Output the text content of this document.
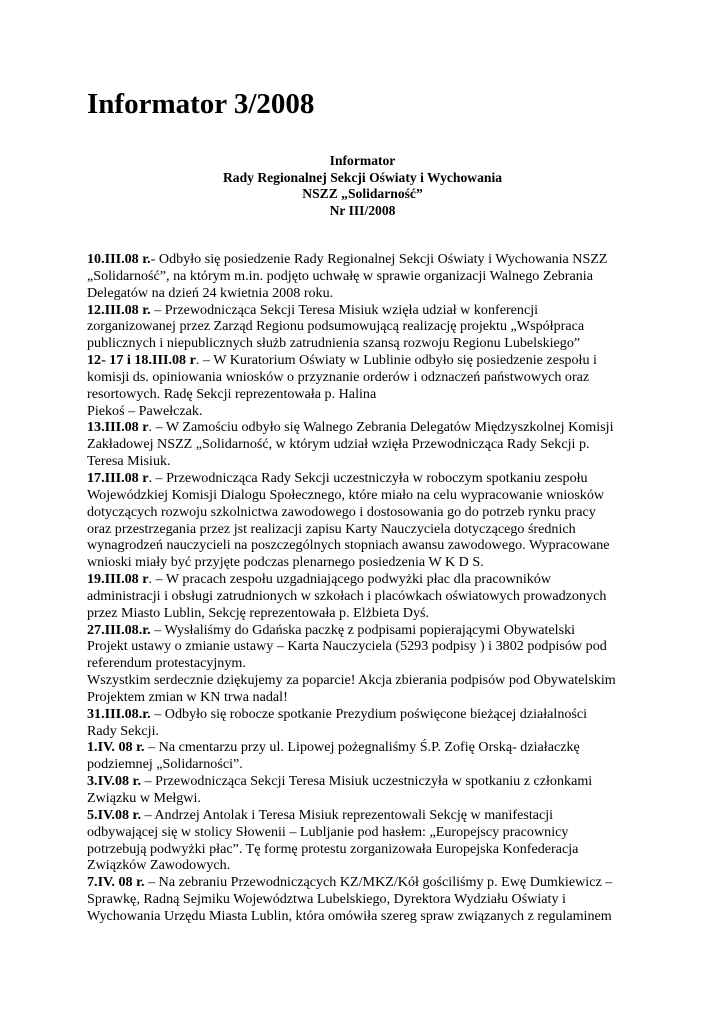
Informator 3/2008
Informator
Rady Regionalnej Sekcji Oświaty i Wychowania
NSZZ „Solidarność”
Nr III/2008
10.III.08 r.- Odbyło się posiedzenie Rady Regionalnej Sekcji Oświaty i Wychowania NSZZ
„Solidarność”, na którym m.in. podjęto uchwałę w sprawie organizacji Walnego Zebrania
Delegatów na dzień 24 kwietnia 2008 roku.
12.III.08 r. – Przewodnicząca Sekcji Teresa Misiuk wzięła udział w konferencji
zorganizowanej przez Zarząd Regionu podsumowującą realizację projektu „Współpraca
publicznych i niepublicznych służb zatrudnienia szansą rozwoju Regionu Lubelskiego”
12- 17 i 18.III.08 r. – W Kuratorium Oświaty w Lublinie odbyło się posiedzenie zespołu i
komisji ds. opiniowania wniosków o przyznanie orderów i odznaczeń państwowych oraz
resortowych. Radę Sekcji reprezentowała p. Halina
Piekoś – Pawełczak.
13.III.08 r. – W Zamościu odbyło się Walnego Zebrania Delegatów Międzyszkolnej Komisji
Zakładowej NSZZ „Solidarność, w którym udział wzięła Przewodnicząca Rady Sekcji p.
Teresa Misiuk.
17.III.08 r. – Przewodnicząca Rady Sekcji uczestniczyła w roboczym spotkaniu zespołu
Wojewódzkiej Komisji Dialogu Społecznego, które miało na celu wypracowanie wniosków
dotyczących rozwoju szkolnictwa zawodowego i dostosowania go do potrzeb rynku pracy
oraz przestrzegania przez jst realizacji zapisu Karty Nauczyciela dotyczącego średnich
wynagrodzeń nauczycieli na poszczególnych stopniach awansu zawodowego. Wypracowane
wnioski miały być przyjęte podczas plenarnego posiedzenia W K D S.
19.III.08 r. – W pracach zespołu uzgadniającego podwyżki płac dla pracowników
administracji i obsługi zatrudnionych w szkołach i placówkach oświatowych prowadzonych
przez Miasto Lublin, Sekcję reprezentowała p. Elżbieta Dyś.
27.III.08.r. – Wysłaliśmy do Gdańska paczkę z podpisami popierającymi Obywatelski
Projekt ustawy o zmianie ustawy – Karta Nauczyciela (5293 podpisy ) i 3802 podpisów pod
referendum protestacyjnym.
Wszystkim serdecznie dziękujemy za poparcie! Akcja zbierania podpisów pod Obywatelskim
Projektem zmian w KN trwa nadal!
31.III.08.r. – Odbyło się robocze spotkanie Prezydium poświęcone bieżącej działalności
Rady Sekcji.
1.IV. 08 r. – Na cmentarzu przy ul. Lipowej pożegnaliśmy Ś.P. Zofię Orską- działaczkę
podziemnej „Solidarności”.
3.IV.08 r. – Przewodnicząca Sekcji Teresa Misiuk uczestniczyła w spotkaniu z członkami
Związku w Mełgwi.
5.IV.08 r. – Andrzej Antolak i Teresa Misiuk reprezentowali Sekcję w manifestacji
odbywającej się w stolicy Słowenii – Lubljanie pod hasłem: „Europejscy pracownicy
potrzebują podwyżki płac”. Tę formę protestu zorganizowała Europejska Konfederacja
Związków Zawodowych.
7.IV. 08 r. – Na zebraniu Przewodniczących KZ/MKZ/Kół gościliśmy p. Ewę Dumkiewicz –
Sprawkę, Radną Sejmiku Województwa Lubelskiego, Dyrektora Wydziału Oświaty i
Wychowania Urzędu Miasta Lublin, która omówiła szereg spraw związanych z regulaminem
